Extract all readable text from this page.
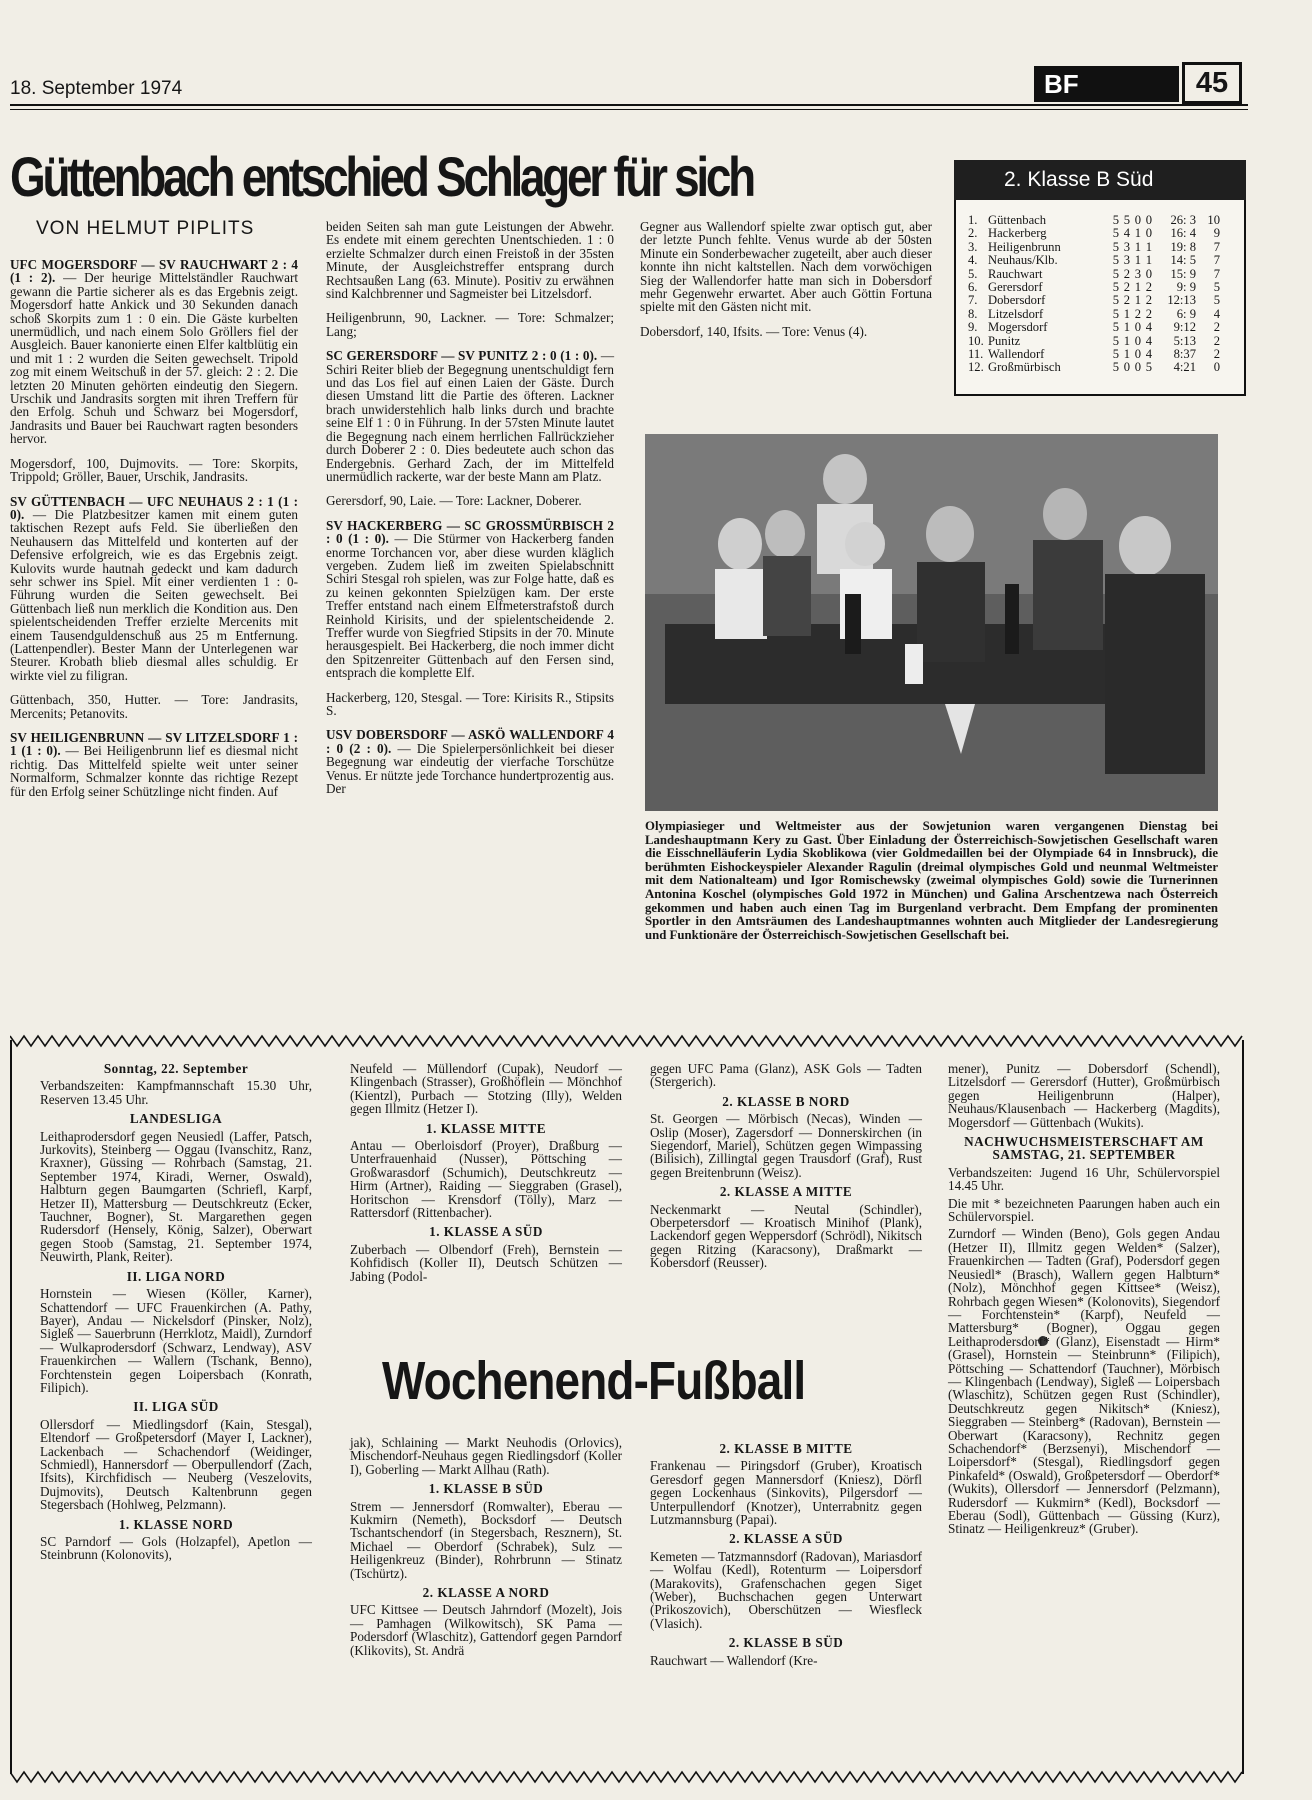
18. September 1974	BF	45
Güttenbach entschied Schlager für sich
VON HELMUT PIPLITS

UFC MOGERSDORF — SV RAUCHWART 2 : 4 (1 : 2). — Der heurige Mittelständler Rauchwart gewann die Partie sicherer als es das Ergebnis zeigt. Mogersdorf hatte Ankick und 30 Sekunden danach schoß Skorpits zum 1 : 0 ein. Die Gäste kurbelten unermüdlich, und nach einem Solo Gröllers fiel der Ausgleich. Bauer kanonierte einen Elfer kaltblütig ein und mit 1 : 2 wurden die Seiten gewechselt. Tripold zog mit einem Weitschuß in der 57. gleich: 2 : 2. Die letzten 20 Minuten gehörten eindeutig den Siegern. Urschik und Jandrasits sorgten mit ihren Treffern für den Erfolg. Schuh und Schwarz bei Mogersdorf, Jandrasits und Bauer bei Rauchwart ragten besonders hervor.

Mogersdorf, 100, Dujmovits. — Tore: Skorpits, Trippold; Gröller, Bauer, Urschik, Jandrasits.

SV GÜTTENBACH — UFC NEUHAUS 2 : 1 (1 : 0). — Die Platzbesitzer kamen mit einem guten taktischen Rezept aufs Feld. Sie überließen den Neuhausern das Mittelfeld und konterten auf der Defensive erfolgreich, wie es das Ergebnis zeigt. Kulovits wurde hautnah gedeckt und kam dadurch sehr schwer ins Spiel. Mit einer verdienten 1 : 0-Führung wurden die Seiten gewechselt. Bei Güttenbach ließ nun merklich die Kondition aus. Den spielentscheidenden Treffer erzielte Mercenits mit einem Tausendguldenschuß aus 25 m Entfernung. (Lattenpendler). Bester Mann der Unterlegenen war Steurer. Krobath blieb diesmal alles schuldig. Er wirkte viel zu filigran.

Güttenbach, 350, Hutter. — Tore: Jandrasits, Mercenits; Petanovits.

SV HEILIGENBRUNN — SV LITZELSDORF 1 : 1 (1 : 0). — Bei Heiligenbrunn lief es diesmal nicht richtig. Das Mittelfeld spielte weit unter seiner Normalform, Schmalzer konnte das richtige Rezept für den Erfolg seiner Schützlinge nicht finden. Auf

beiden Seiten sah man gute Leistungen der Abwehr. Es endete mit einem gerechten Unentschieden. 1 : 0 erzielte Schmalzer durch einen Freistoß in der 35sten Minute, der Ausgleichstreffer entsprang durch Rechtsaußen Lang (63. Minute). Positiv zu erwähnen sind Kalchbrenner und Sagmeister bei Litzelsdorf.

Heiligenbrunn, 90, Lackner. — Tore: Schmalzer; Lang;

SC GERERSDORF — SV PUNITZ 2 : 0 (1 : 0). — Schiri Reiter blieb der Begegnung unentschuldigt fern und das Los fiel auf einen Laien der Gäste. Durch diesen Umstand litt die Partie des öfteren. Lackner brach unwiderstehlich halb links durch und brachte seine Elf 1 : 0 in Führung. In der 57sten Minute lautet die Begegnung nach einem herrlichen Fallrückzieher durch Doberer 2 : 0. Dies bedeutete auch schon das Endergebnis. Gerhard Zach, der im Mittelfeld unermüdlich rackerte, war der beste Mann am Platz.

Gerersdorf, 90, Laie. — Tore: Lackner, Doberer.

SV HACKERBERG — SC GROSSMÜRBISCH 2 : 0 (1 : 0). — Die Stürmer von Hackerberg fanden enorme Torchancen vor, aber diese wurden kläglich vergeben. Zudem ließ im zweiten Spielabschnitt Schiri Stesgal roh spielen, was zur Folge hatte, daß es zu keinen gekonnten Spielzügen kam. Der erste Treffer entstand nach einem Elfmeterstrafstoß durch Reinhold Kirisits, und der spielentscheidende 2. Treffer wurde von Siegfried Stipsits in der 70. Minute herausgespielt. Bei Hackerberg, die noch immer dicht den Spitzenreiter Güttenbach auf den Fersen sind, entsprach die komplette Elf.

Hackerberg, 120, Stesgal. — Tore: Kirisits R., Stipsits S.

USV DOBERSDORF — ASKÖ WALLENDORF 4 : 0 (2 : 0). — Die Spielerpersönlichkeit bei dieser Begegnung war eindeutig der vierfache Torschütze Venus. Er nützte jede Torchance hundertprozentig aus. Der

Gegner aus Wallendorf spielte zwar optisch gut, aber der letzte Punch fehlte. Venus wurde ab der 50sten Minute ein Sonderbewacher zugeteilt, aber auch dieser konnte ihn nicht kaltstellen. Nach dem vorwöchigen Sieg der Wallendorfer hatte man sich in Dobersdorf mehr Gegenwehr erwartet. Aber auch Göttin Fortuna spielte mit den Gästen nicht mit.

Dobersdorf, 140, Ifsits. — Tore: Venus (4).

2. Klasse B Süd
1.	Güttenbach	5	5	0	0	26: 3	10
2.	Hackerberg	5	4	1	0	16: 4	9
3.	Heiligenbrunn	5	3	1	1	19: 8	7
4.	Neuhaus/Klb.	5	3	1	1	14: 5	7
5.	Rauchwart	5	2	3	0	15: 9	7
6.	Gerersdorf	5	2	1	2	9: 9	5
7.	Dobersdorf	5	2	1	2	12:13	5
8.	Litzelsdorf	5	1	2	2	6: 9	4
9.	Mogersdorf	5	1	0	4	9:12	2
10.	Punitz	5	1	0	4	5:13	2
11.	Wallendorf	5	1	0	4	8:37	2
12.	Großmürbisch	5	0	0	5	4:21	0
Olympiasieger und Weltmeister aus der Sowjetunion waren vergangenen Dienstag bei Landeshauptmann Kery zu Gast. Über Einladung der Österreichisch-Sowjetischen Gesellschaft waren die Eisschnelläuferin Lydia Skoblikowa (vier Goldmedaillen bei der Olympiade 64 in Innsbruck), die berühmten Eishockeyspieler Alexander Ragulin (dreimal olympisches Gold und neunmal Weltmeister mit dem Nationalteam) und Igor Romischewsky (zweimal olympisches Gold) sowie die Turnerinnen Antonina Koschel (olympisches Gold 1972 in München) und Galina Arschentzewa nach Österreich gekommen und haben auch einen Tag im Burgenland verbracht. Dem Empfang der prominenten Sportler in den Amtsräumen des Landeshauptmannes wohnten auch Mitglieder der Landesregierung und Funktionäre der Österreichisch-Sowjetischen Gesellschaft bei.
Sonntag, 22. September
Verbandszeiten: Kampfmannschaft 15.30 Uhr, Reserven 13.45 Uhr.
LANDESLIGA
Leithaprodersdorf gegen Neusiedl (Laffer, Patsch, Jurkovits), Steinberg — Oggau (Ivanschitz, Ranz, Kraxner), Güssing — Rohrbach (Samstag, 21. September 1974, Kiradi, Werner, Oswald), Halbturn gegen Baumgarten (Schriefl, Karpf, Hetzer II), Mattersburg — Deutschkreutz (Ecker, Tauchner, Bogner), St. Margarethen gegen Rudersdorf (Hensely, König, Salzer), Oberwart gegen Stoob (Samstag, 21. September 1974, Neuwirth, Plank, Reiter).
II. LIGA NORD
Hornstein — Wiesen (Köller, Karner), Schattendorf — UFC Frauenkirchen (A. Pathy, Bayer), Andau — Nickelsdorf (Pinsker, Nolz), Sigleß — Sauerbrunn (Herrklotz, Maidl), Zurndorf — Wulkaprodersdorf (Schwarz, Lendway), ASV Frauenkirchen — Wallern (Tschank, Benno), Forchtenstein gegen Loipersbach (Konrath, Filipich).
II. LIGA SÜD
Ollersdorf — Miedlingsdorf (Kain, Stesgal), Eltendorf — Großpetersdorf (Mayer I, Lackner), Lackenbach — Schachendorf (Weidinger, Schmiedl), Hannersdorf — Oberpullendorf (Zach, Ifsits), Kirchfidisch — Neuberg (Veszelovits, Dujmovits), Deutsch Kaltenbrunn gegen Stegersbach (Hohlweg, Pelzmann).
1. KLASSE NORD
SC Parndorf — Gols (Holzapfel), Apetlon — Steinbrunn (Kolonovits),
Neufeld — Müllendorf (Cupak), Neudorf — Klingenbach (Strasser), Großhöflein — Mönchhof (Kientzl), Purbach — Stotzing (Illy), Welden gegen Illmitz (Hetzer I).
1. KLASSE MITTE
Antau — Oberloisdorf (Proyer), Draßburg — Unterfrauenhaid (Nusser), Pöttsching — Großwarasdorf (Schumich), Deutschkreutz — Hirm (Artner), Raiding — Sieggraben (Grasel), Horitschon — Krensdorf (Tölly), Marz — Rattersdorf (Rittenbacher).
1. KLASSE A SÜD
Zuberbach — Olbendorf (Freh), Bernstein — Kohfidisch (Koller II), Deutsch Schützen — Jabing (Podol-
gegen UFC Pama (Glanz), ASK Gols — Tadten (Stergerich).
2. KLASSE B NORD
St. Georgen — Mörbisch (Necas), Winden — Oslip (Moser), Zagersdorf — Donnerskirchen (in Siegendorf, Mariel), Schützen gegen Wimpassing (Bilisich), Zillingtal gegen Trausdorf (Graf), Rust gegen Breitenbrunn (Weisz).
2. KLASSE A MITTE
Neckenmarkt — Neutal (Schindler), Oberpetersdorf — Kroatisch Minihof (Plank), Lackendorf gegen Weppersdorf (Schrödl), Nikitsch gegen Ritzing (Karacsony), Draßmarkt — Kobersdorf (Reusser).
Wochenend-Fußball
jak), Schlaining — Markt Neuhodis (Orlovics), Mischendorf-Neuhaus gegen Riedlingsdorf (Koller I), Goberling — Markt Allhau (Rath).
1. KLASSE B SÜD
Strem — Jennersdorf (Romwalter), Eberau — Kukmirn (Nemeth), Bocksdorf — Deutsch Tschantschendorf (in Stegersbach, Resznern), St. Michael — Oberdorf (Schrabek), Sulz — Heiligenkreuz (Binder), Rohrbrunn — Stinatz (Tschürtz).
2. KLASSE A NORD
UFC Kittsee — Deutsch Jahrndorf (Mozelt), Jois — Pamhagen (Wilkowitsch), SK Pama — Podersdorf (Wlaschitz), Gattendorf gegen Parndorf (Klikovits), St. Andrä
2. KLASSE B MITTE
Frankenau — Piringsdorf (Gruber), Kroatisch Geresdorf gegen Mannersdorf (Kniesz), Dörfl gegen Lockenhaus (Sinkovits), Pilgersdorf — Unterpullendorf (Knotzer), Unterrabnitz gegen Lutzmannsburg (Papai).
2. KLASSE A SÜD
Kemeten — Tatzmannsdorf (Radovan), Mariasdorf — Wolfau (Kedl), Rotenturm — Loipersdorf (Marakovits), Grafenschachen gegen Siget (Weber), Buchschachen gegen Unterwart (Prikoszovich), Oberschützen — Wiesfleck (Vlasich).
2. KLASSE B SÜD
Rauchwart — Wallendorf (Kre-
mener), Punitz — Dobersdorf (Schendl), Litzelsdorf — Gerersdorf (Hutter), Großmürbisch gegen Heiligenbrunn (Halper), Neuhaus/Klausenbach — Hackerberg (Magdits), Mogersdorf — Güttenbach (Wukits).
NACHWUCHSMEISTERSCHAFT AM SAMSTAG, 21. SEPTEMBER
Verbandszeiten: Jugend 16 Uhr, Schülervorspiel 14.45 Uhr.
Die mit * bezeichneten Paarungen haben auch ein Schülervorspiel.
Zurndorf — Winden (Beno), Gols gegen Andau (Hetzer II), Illmitz gegen Welden* (Salzer), Frauenkirchen — Tadten (Graf), Podersdorf gegen Neusiedl* (Brasch), Wallern gegen Halbturn* (Nolz), Mönchhof gegen Kittsee* (Weisz), Rohrbach gegen Wiesen* (Kolonovits), Siegendorf — Forchtenstein* (Karpf), Neufeld — Mattersburg* (Bogner), Oggau gegen Leithaprodersdorf* (Glanz), Eisenstadt — Hirm* (Grasel), Hornstein — Steinbrunn* (Filipich), Pöttsching — Schattendorf (Tauchner), Mörbisch — Klingenbach (Lendway), Sigleß — Loipersbach (Wlaschitz), Schützen gegen Rust (Schindler), Deutschkreutz gegen Nikitsch* (Kniesz), Sieggraben — Steinberg* (Radovan), Bernstein — Oberwart (Karacsony), Rechnitz gegen Schachendorf* (Berzsenyi), Mischendorf — Loipersdorf* (Stesgal), Riedlingsdorf gegen Pinkafeld* (Oswald), Großpetersdorf — Oberdorf* (Wukits), Ollersdorf — Jennersdorf (Pelzmann), Rudersdorf — Kukmirn* (Kedl), Bocksdorf — Eberau (Sodl), Güttenbach — Güssing (Kurz), Stinatz — Heiligenkreuz* (Gruber).
